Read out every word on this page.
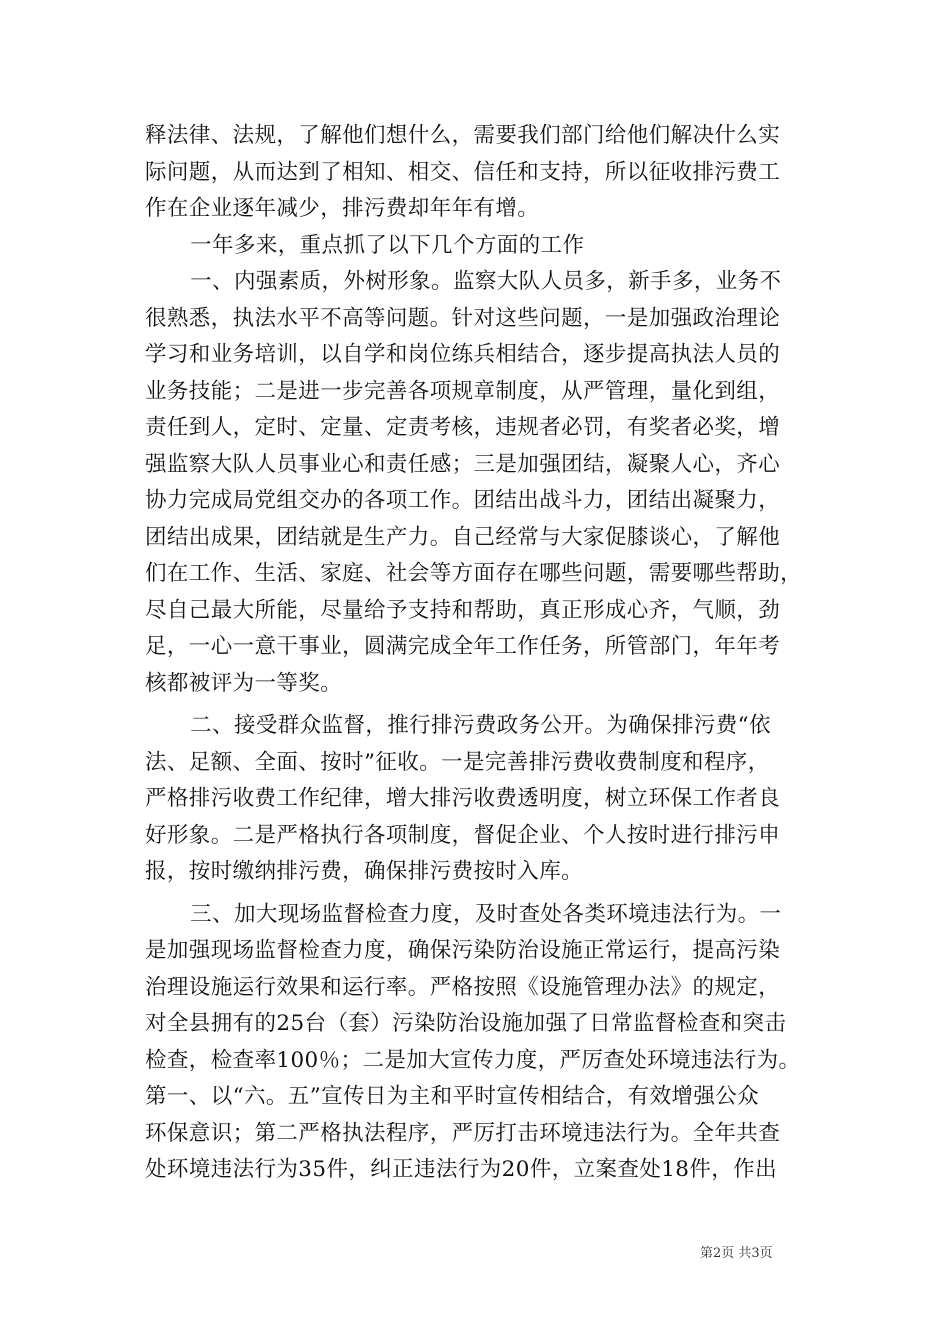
释法律、法规，了解他们想什么，需要我们部门给他们解决什么实
际问题，从而达到了相知、相交、信任和支持，所以征收排污费工
作在企业逐年减少，排污费却年年有增。
一年多来，重点抓了以下几个方面的工作
一、内强素质，外树形象。监察大队人员多，新手多，业务不
很熟悉，执法水平不高等问题。针对这些问题，一是加强政治理论
学习和业务培训，以自学和岗位练兵相结合，逐步提高执法人员的
业务技能；二是进一步完善各项规章制度，从严管理，量化到组，
责任到人，定时、定量、定责考核，违规者必罚，有奖者必奖，增
强监察大队人员事业心和责任感；三是加强团结，凝聚人心，齐心
协力完成局党组交办的各项工作。团结出战斗力，团结出凝聚力，
团结出成果，团结就是生产力。自己经常与大家促膝谈心，了解他
们在工作、生活、家庭、社会等方面存在哪些问题，需要哪些帮助，
尽自己最大所能，尽量给予支持和帮助，真正形成心齐，气顺，劲
足，一心一意干事业，圆满完成全年工作任务，所管部门，年年考
核都被评为一等奖。
二、接受群众监督，推行排污费政务公开。为确保排污费“依
法、足额、全面、按时”征收。一是完善排污费收费制度和程序，
严格排污收费工作纪律，增大排污收费透明度，树立环保工作者良
好形象。二是严格执行各项制度，督促企业、个人按时进行排污申
报，按时缴纳排污费，确保排污费按时入库。
三、加大现场监督检查力度，及时查处各类环境违法行为。一
是加强现场监督检查力度，确保污染防治设施正常运行，提高污染
治理设施运行效果和运行率。严格按照《设施管理办法》的规定，
对全县拥有的25台（套）污染防治设施加强了日常监督检查和突击
检查，检查率100％；二是加大宣传力度，严厉查处环境违法行为。
第一、以“六。五”宣传日为主和平时宣传相结合，有效增强公众
环保意识；第二严格执法程序，严厉打击环境违法行为。全年共查
处环境违法行为35件，纠正违法行为20件，立案查处18件，作出
第2页 共3页
